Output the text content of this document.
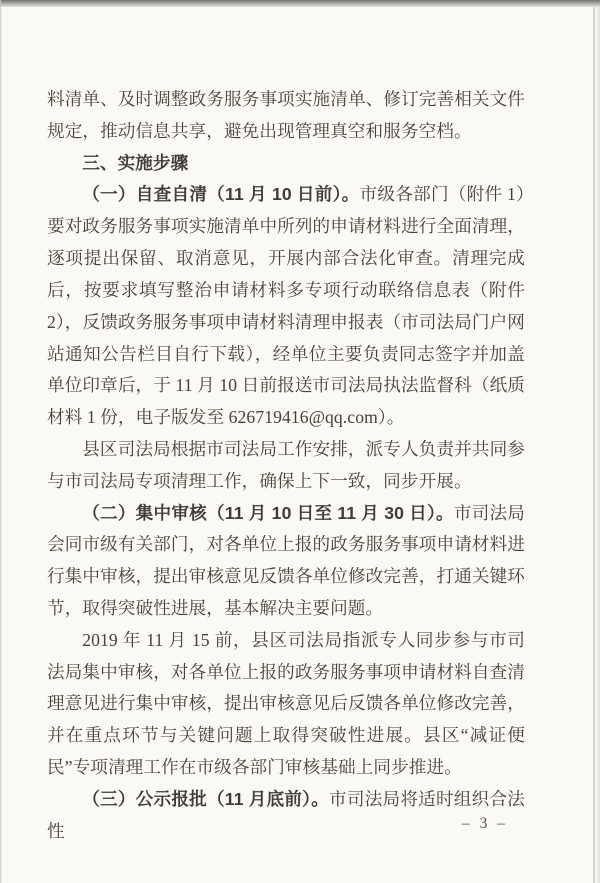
料清单、及时调整政务服务事项实施清单、修订完善相关文件规定，推动信息共享，避免出现管理真空和服务空档。

三、实施步骤

（一）自查自清（11 月 10 日前）。市级各部门（附件 1）要对政务服务事项实施清单中所列的申请材料进行全面清理，逐项提出保留、取消意见，开展内部合法化审查。清理完成后，按要求填写整治申请材料多专项行动联络信息表（附件 2），反馈政务服务事项申请材料清理申报表（市司法局门户网站通知公告栏目自行下载），经单位主要负责同志签字并加盖单位印章后，于 11 月 10 日前报送市司法局执法监督科（纸质材料 1 份，电子版发至 626719416@qq.com）。

县区司法局根据市司法局工作安排，派专人负责并共同参与市司法局专项清理工作，确保上下一致，同步开展。

（二）集中审核（11 月 10 日至 11 月 30 日）。市司法局会同市级有关部门，对各单位上报的政务服务事项申请材料进行集中审核，提出审核意见反馈各单位修改完善，打通关键环节，取得突破性进展，基本解决主要问题。

2019 年 11 月 15 前，县区司法局指派专人同步参与市司法局集中审核，对各单位上报的政务服务事项申请材料自查清理意见进行集中审核，提出审核意见后反馈各单位修改完善，并在重点环节与关键问题上取得突破性进展。县区“减证便民”专项清理工作在市级各部门审核基础上同步推进。

（三）公示报批（11 月底前）。市司法局将适时组织合法性	– 3 –
